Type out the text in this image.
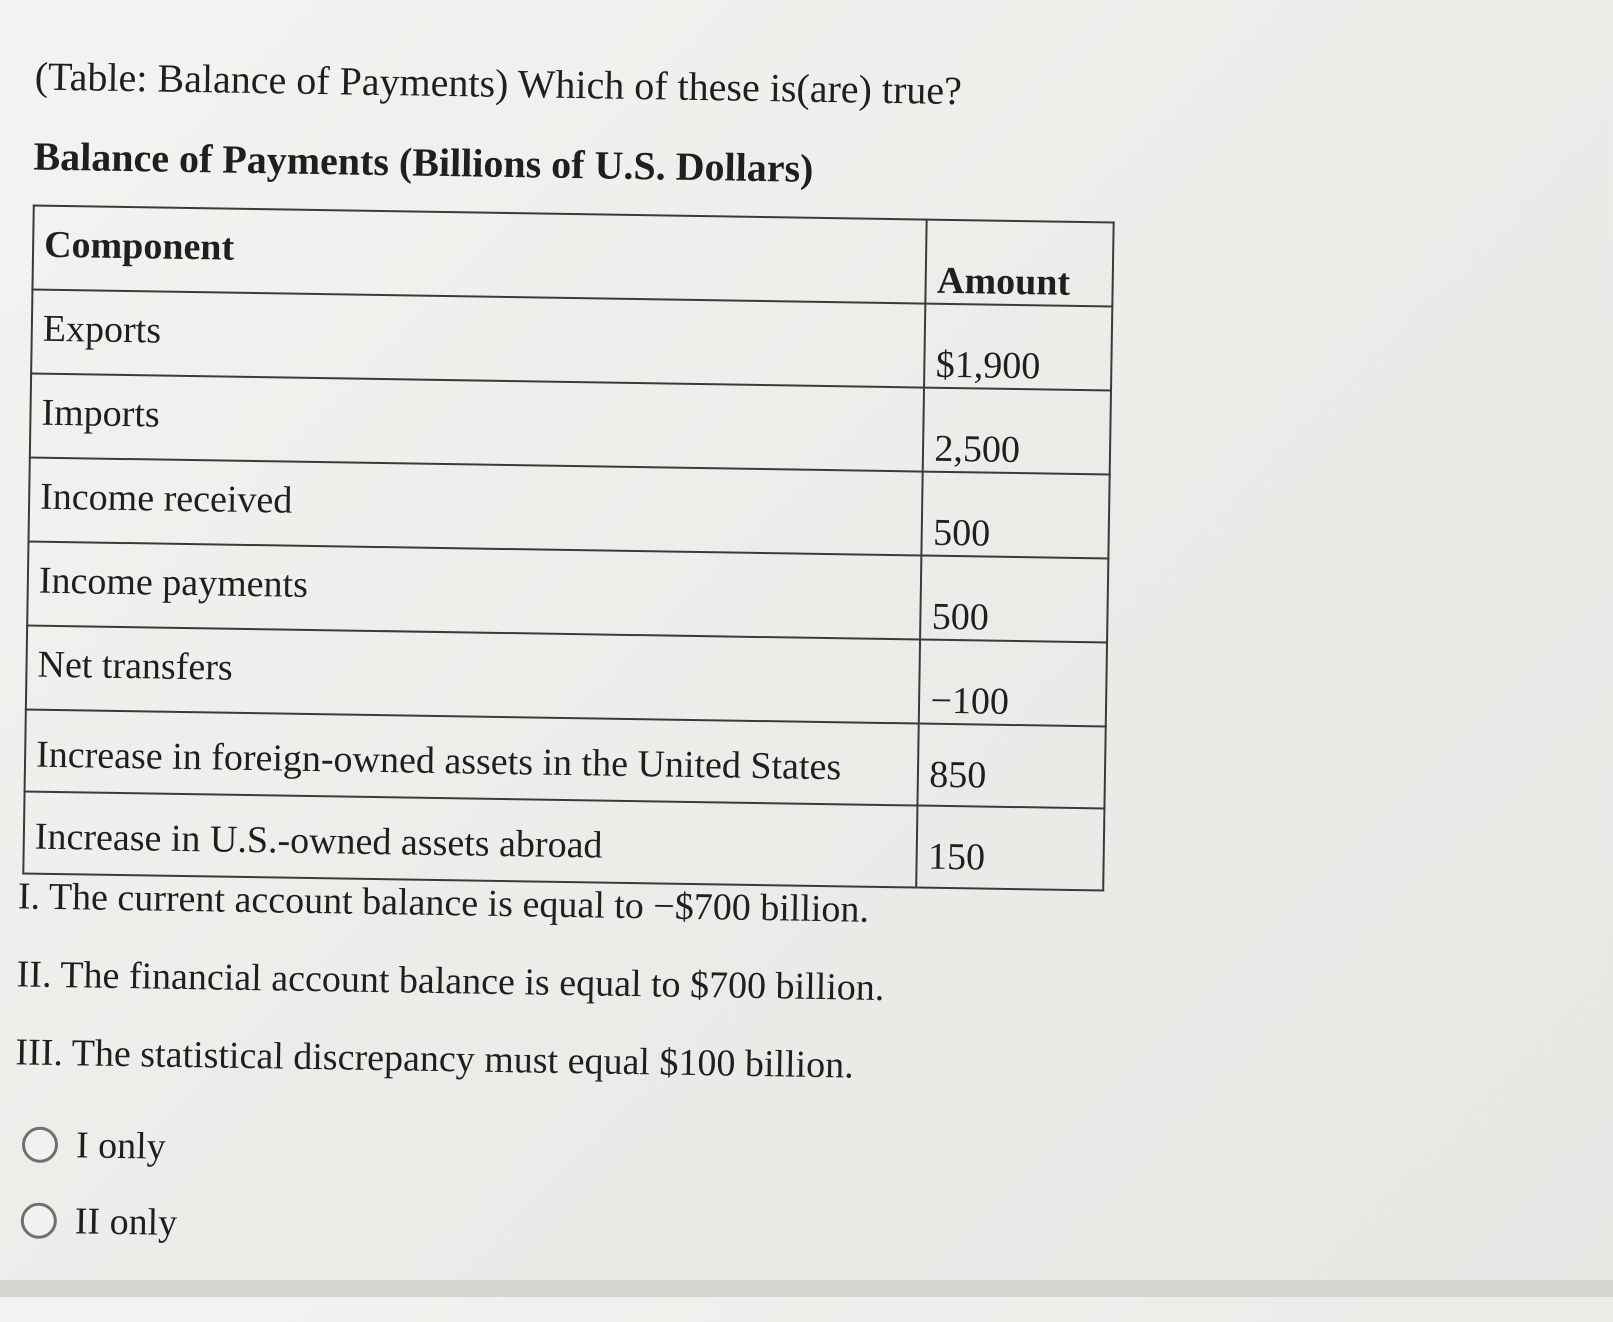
(Table: Balance of Payments) Which of these is(are) true?
Balance of Payments (Billions of U.S. Dollars)
Component	Amount

Exports	$1,900

Imports	2,500

Income received	500

Income payments	500

Net transfers	−100

Increase in foreign-owned assets in the United States	850

Increase in U.S.-owned assets abroad	150
I. The current account balance is equal to −$700 billion.
II. The financial account balance is equal to $700 billion.
III. The statistical discrepancy must equal $100 billion.
I only
II only
